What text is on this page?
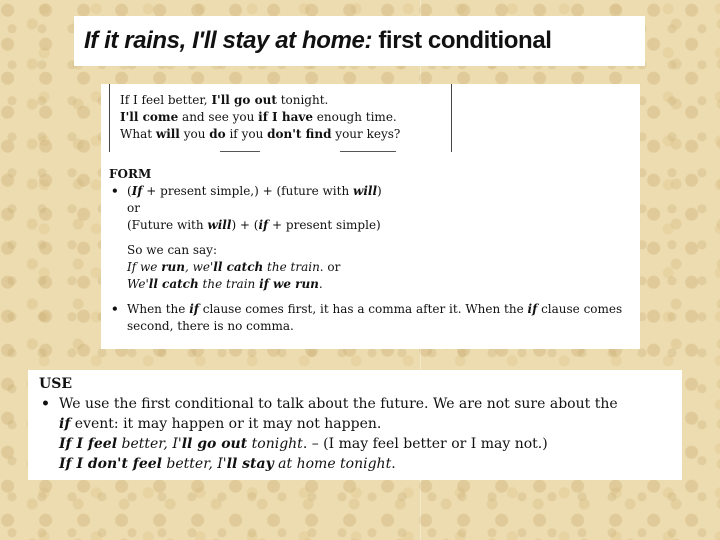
If it rains, I'll stay at home:
first conditional
If I feel better, I'll go out tonight.
I'll come and see you if I have enough time.
What will you do if you don't find your keys?

FORM

• (If + present simple,) + (future with will)
or
(Future with will) + (if + present simple)
So we can say:
If we run, we'll catch the train. or
We'll catch the train if we run.
• When the if clause comes first, it has a comma after it. When the if clause comes second, there is no comma.

USE

• We use the first conditional to talk about the future. We are not sure about the
if event: it may happen or it may not happen.
If I feel better, I'll go out tonight. – (I may feel better or I may not.)
If I don't feel better, I'll stay at home tonight.
